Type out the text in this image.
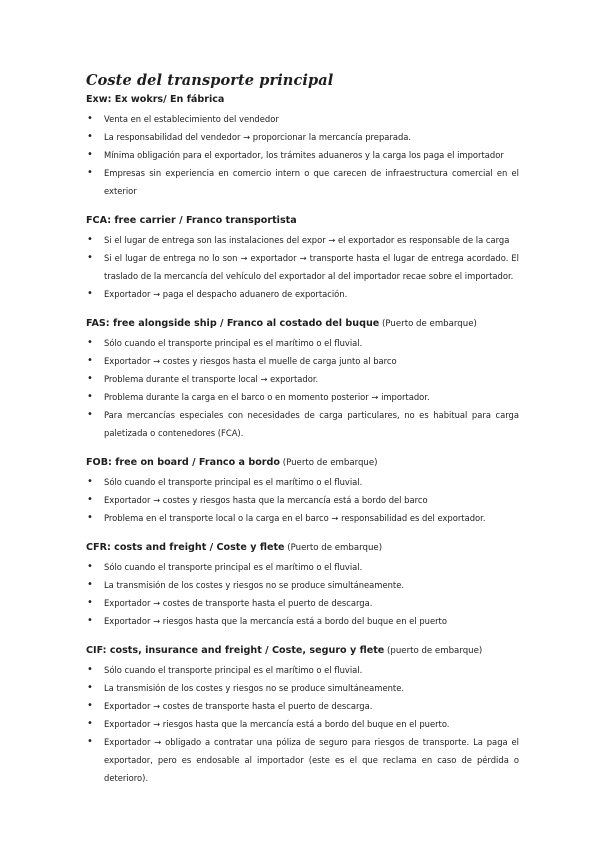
Coste del transporte principal
Exw: Ex wokrs/ En fábrica
• Venta en el establecimiento del vendedor
• La responsabilidad del vendedor → proporcionar la mercancía preparada.
• Mínima obligación para el exportador, los trámites aduaneros y la carga los paga el importador
• Empresas sin experiencia en comercio intern o que carecen de infraestructura comercial en el exterior
FCA: free carrier / Franco transportista
• Si el lugar de entrega son las instalaciones del expor → el exportador es responsable de la carga
• Si el lugar de entrega no lo son → exportador → transporte hasta el lugar de entrega acordado. El traslado de la mercancía del vehículo del exportador al del importador recae sobre el importador.
• Exportador → paga el despacho aduanero de exportación.
FAS: free alongside ship / Franco al costado del buque (Puerto de embarque)
• Sólo cuando el transporte principal es el marítimo o el fluvial.
• Exportador → costes y riesgos hasta el muelle de carga junto al barco
• Problema durante el transporte local → exportador.
• Problema durante la carga en el barco o en momento posterior → importador.
• Para mercancías especiales con necesidades de carga particulares, no es habitual para carga paletizada o contenedores (FCA).
FOB: free on board / Franco a bordo (Puerto de embarque)
• Sólo cuando el transporte principal es el marítimo o el fluvial.
• Exportador → costes y riesgos hasta que la mercancía está a bordo del barco
• Problema en el transporte local o la carga en el barco → responsabilidad es del exportador.
CFR: costs and freight / Coste y flete (Puerto de embarque)
• Sólo cuando el transporte principal es el marítimo o el fluvial.
• La transmisión de los costes y riesgos no se produce simultáneamente.
• Exportador → costes de transporte hasta el puerto de descarga.
• Exportador → riesgos hasta que la mercancía está a bordo del buque en el puerto
CIF: costs, insurance and freight / Coste, seguro y flete (puerto de embarque)
• Sólo cuando el transporte principal es el marítimo o el fluvial.
• La transmisión de los costes y riesgos no se produce simultáneamente.
• Exportador → costes de transporte hasta el puerto de descarga.
• Exportador → riesgos hasta que la mercancía está a bordo del buque en el puerto.
• Exportador → obligado a contratar una póliza de seguro para riesgos de transporte. La paga el exportador, pero es endosable al importador (este es el que reclama en caso de pérdida o deterioro).
